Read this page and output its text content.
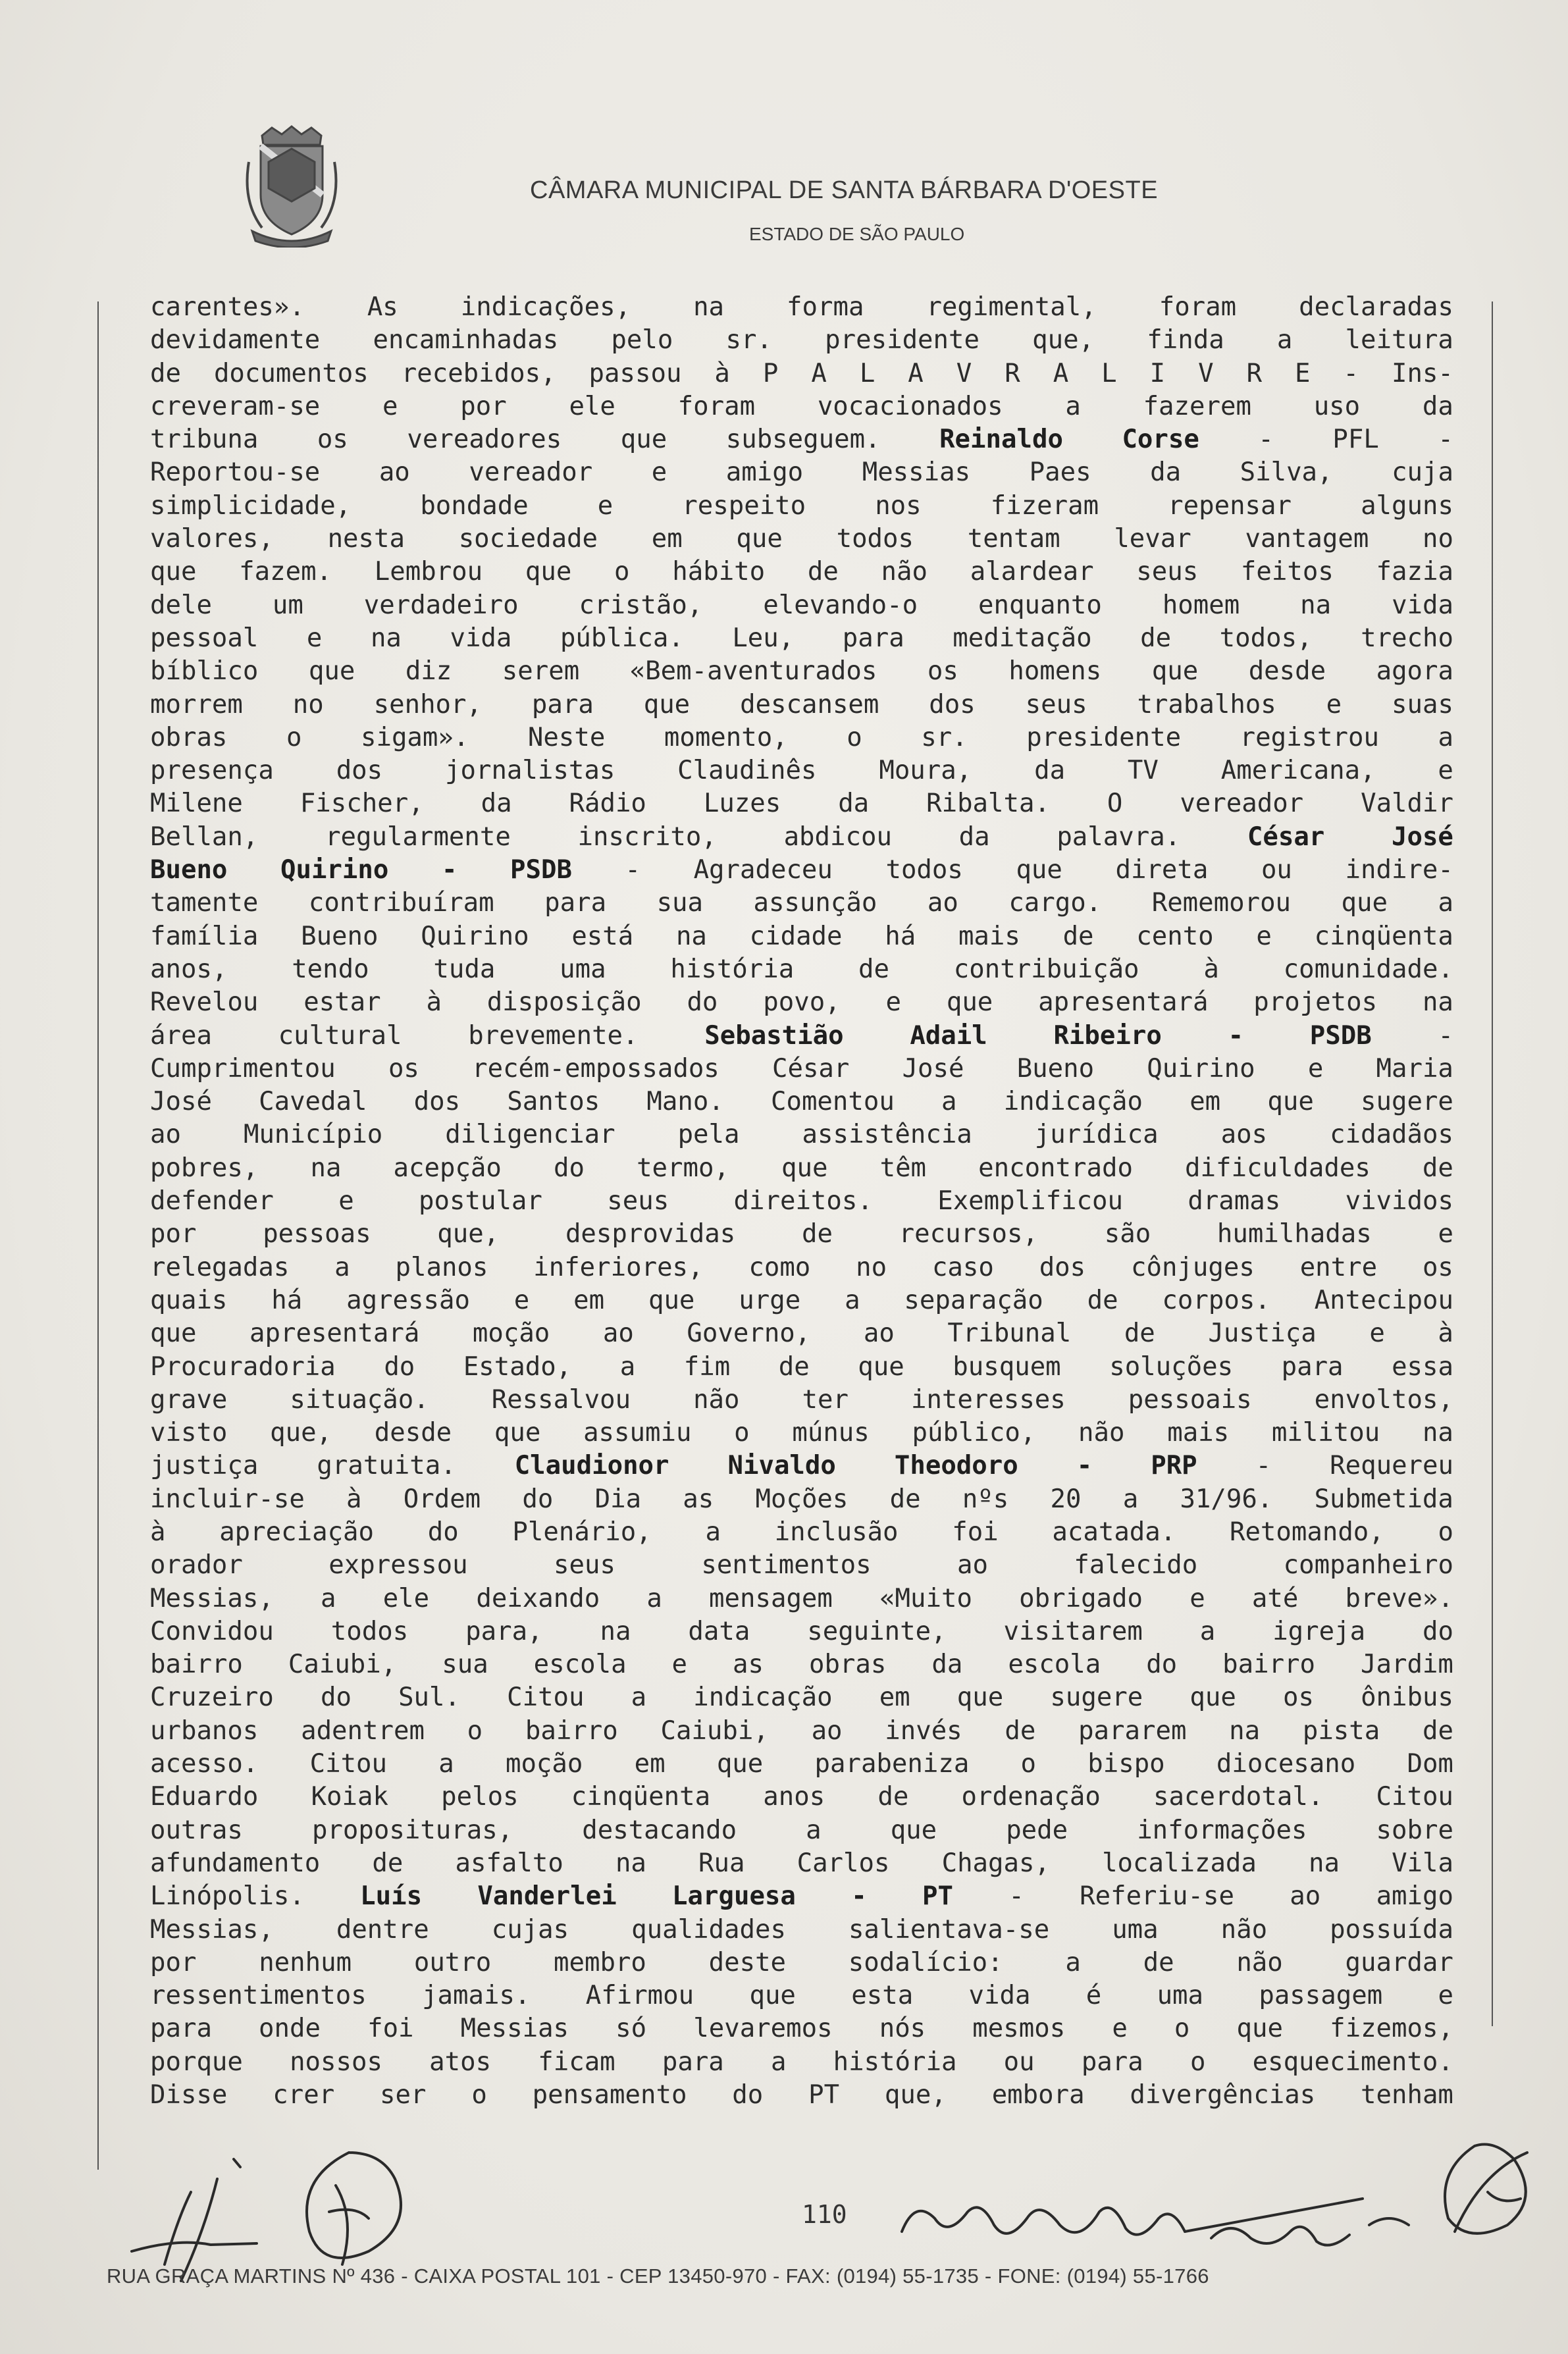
CÂMARA MUNICIPAL DE SANTA BÁRBARA D'OESTE
ESTADO DE SÃO PAULO
carentes». As indicações, na forma regimental, foram declaradas
devidamente encaminhadas pelo sr. presidente que, finda a leitura
de documentos recebidos, passou à P A L A V R A L I V R E - Ins-
creveram-se e por ele foram vocacionados a fazerem uso da
tribuna os vereadores que subseguem. Reinaldo Corse - PFL -
Reportou-se ao vereador e amigo Messias Paes da Silva, cuja
simplicidade,	bondade	e	respeito	nos	fizeram	repensar	alguns
valores, nesta sociedade em que todos tentam levar vantagem no
que fazem. Lembrou que o hábito de não alardear seus feitos fazia
dele um verdadeiro cristão, elevando-o enquanto homem na vida
pessoal e na vida pública. Leu, para meditação de todos, trecho
bíblico que diz serem «Bem-aventurados os homens que desde agora
morrem no senhor, para que descansem dos seus trabalhos e suas
obras o sigam». Neste momento, o sr. presidente registrou a
presença dos jornalistas Claudinês Moura, da TV Americana, e
Milene Fischer, da Rádio Luzes da Ribalta. O vereador Valdir
Bellan,	regularmente	inscrito,	abdicou	da	palavra.	César	José
Bueno Quirino - PSDB - Agradeceu todos que direta ou indire-
tamente contribuíram para sua assunção ao cargo. Rememorou que a
família Bueno Quirino está na cidade há mais de cento e cinqüenta
anos,	tendo	tuda	uma	história	de	contribuição	à	comunidade.
Revelou estar à disposição do povo, e que apresentará projetos na
área	cultural	brevemente.	Sebastião	Adail	Ribeiro	-	PSDB	-
Cumprimentou os recém-empossados César José Bueno Quirino e Maria
José Cavedal dos Santos Mano. Comentou a indicação em que sugere
ao Município diligenciar pela assistência jurídica aos cidadãos
pobres, na acepção do termo, que têm encontrado dificuldades de
defender	e	postular	seus	direitos.	Exemplificou	dramas	vividos
por	pessoas	que,	desprovidas	de	recursos,	são	humilhadas	e
relegadas a planos inferiores, como no caso dos cônjuges entre os
quais há agressão e em que urge a separação de corpos. Antecipou
que apresentará moção ao Governo, ao Tribunal de Justiça e à
Procuradoria do Estado, a fim de que busquem soluções para essa
grave situação. Ressalvou não ter interesses pessoais envoltos,
visto que, desde que assumiu o múnus público, não mais militou na
justiça gratuita. Claudionor Nivaldo Theodoro - PRP - Requereu
incluir-se à Ordem do Dia as Moções de nºs 20 a 31/96. Submetida
à apreciação do Plenário, a inclusão foi acatada. Retomando, o
orador	expressou	seus	sentimentos	ao	falecido	companheiro
Messias, a ele deixando a mensagem «Muito obrigado e até breve».
Convidou todos para, na data seguinte, visitarem a igreja do
bairro Caiubi, sua escola e as obras da escola do bairro Jardim
Cruzeiro do Sul. Citou a indicação em que sugere que os ônibus
urbanos adentrem o bairro Caiubi, ao invés de pararem na pista de
acesso. Citou a moção em que parabeniza o bispo diocesano Dom
Eduardo Koiak pelos cinqüenta anos de ordenação sacerdotal. Citou
outras	proposituras,	destacando	a	que	pede	informações	sobre
afundamento de asfalto na Rua Carlos Chagas, localizada na Vila
Linópolis. Luís Vanderlei Larguesa - PT - Referiu-se ao amigo
Messias, dentre cujas qualidades salientava-se uma não possuída
por nenhum outro membro deste sodalício: a de não guardar
ressentimentos jamais. Afirmou que esta vida é uma passagem e
para onde foi Messias só levaremos nós mesmos e o que fizemos,
porque nossos atos ficam para a história ou para o esquecimento.
Disse crer ser o pensamento do PT que, embora divergências tenham
110
RUA GRAÇA MARTINS Nº 436 - CAIXA POSTAL 101 - CEP 13450-970 - FAX: (0194) 55-1735 - FONE: (0194) 55-1766
